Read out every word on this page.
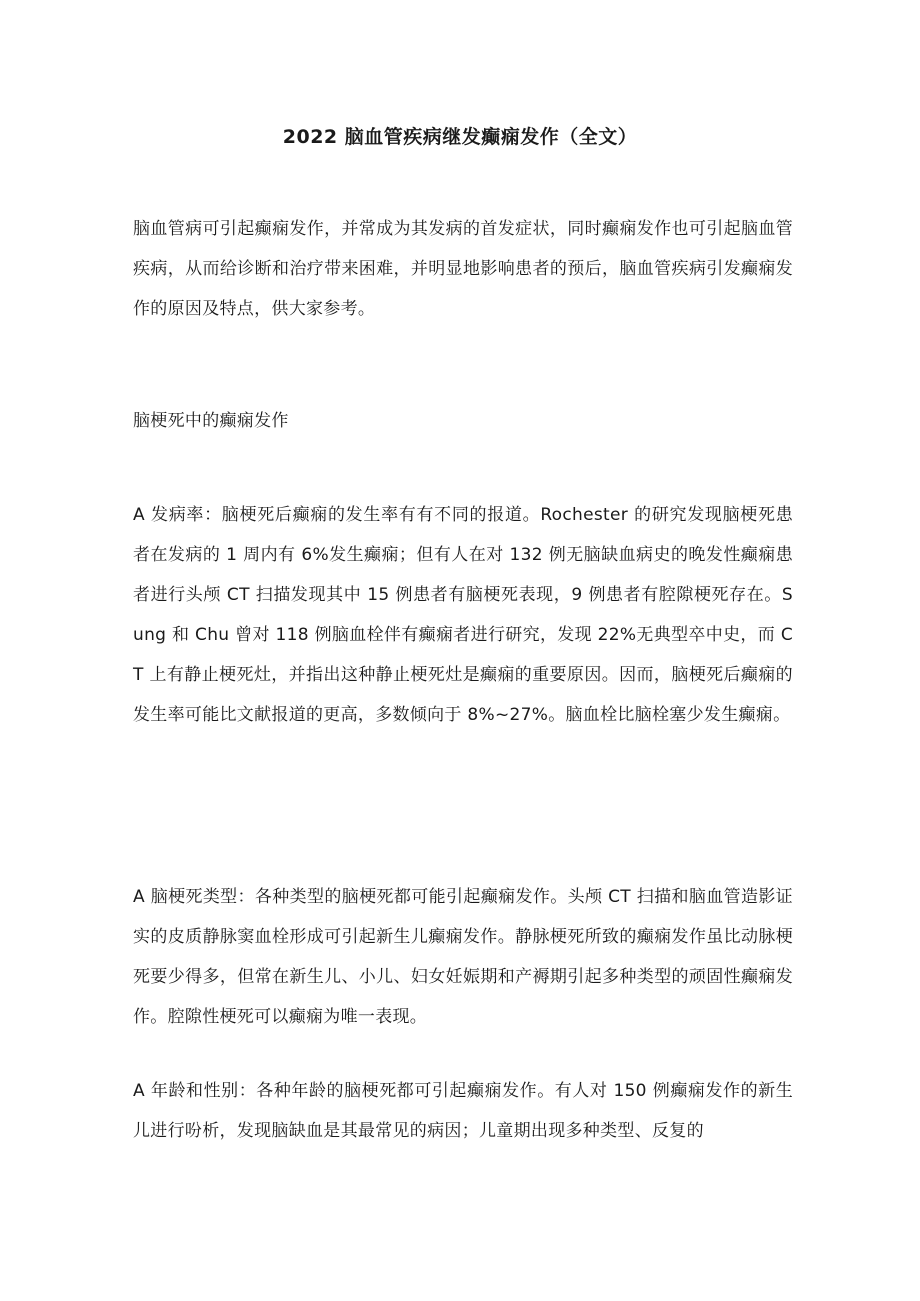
2022 脑血管疾病继发癫痫发作（全文）
脑血管病可引起癫痫发作，并常成为其发病的首发症状，同时癫痫发作也可引起脑血管疾病，从而给诊断和治疗带来困难，并明显地影响患者的预后，脑血管疾病引发癫痫发作的原因及特点，供大家参考。
脑梗死中的癫痫发作
A 发病率：脑梗死后癫痫的发生率有有不同的报道。Rochester 的研究发现脑梗死患者在发病的 1 周内有 6%发生癫痫；但有人在对 132 例无脑缺血病史的晚发性癫痫患者进行头颅 CT 扫描发现其中 15 例患者有脑梗死表现，9 例患者有腔隙梗死存在。Sung 和 Chu 曾对 118 例脑血栓伴有癫痫者进行研究，发现 22%无典型卒中史，而 CT 上有静止梗死灶，并指出这种静止梗死灶是癫痫的重要原因。因而，脑梗死后癫痫的发生率可能比文献报道的更高，多数倾向于 8%~27%。脑血栓比脑栓塞少发生癫痫。
A 脑梗死类型：各种类型的脑梗死都可能引起癫痫发作。头颅 CT 扫描和脑血管造影证实的皮质静脉窦血栓形成可引起新生儿癫痫发作。静脉梗死所致的癫痫发作虽比动脉梗死要少得多，但常在新生儿、小儿、妇女妊娠期和产褥期引起多种类型的顽固性癫痫发作。腔隙性梗死可以癫痫为唯一表现。
A 年龄和性别：各种年龄的脑梗死都可引起癫痫发作。有人对 150 例癫痫发作的新生儿进行吩析，发现脑缺血是其最常见的病因；儿童期出现多种类型、反复的
